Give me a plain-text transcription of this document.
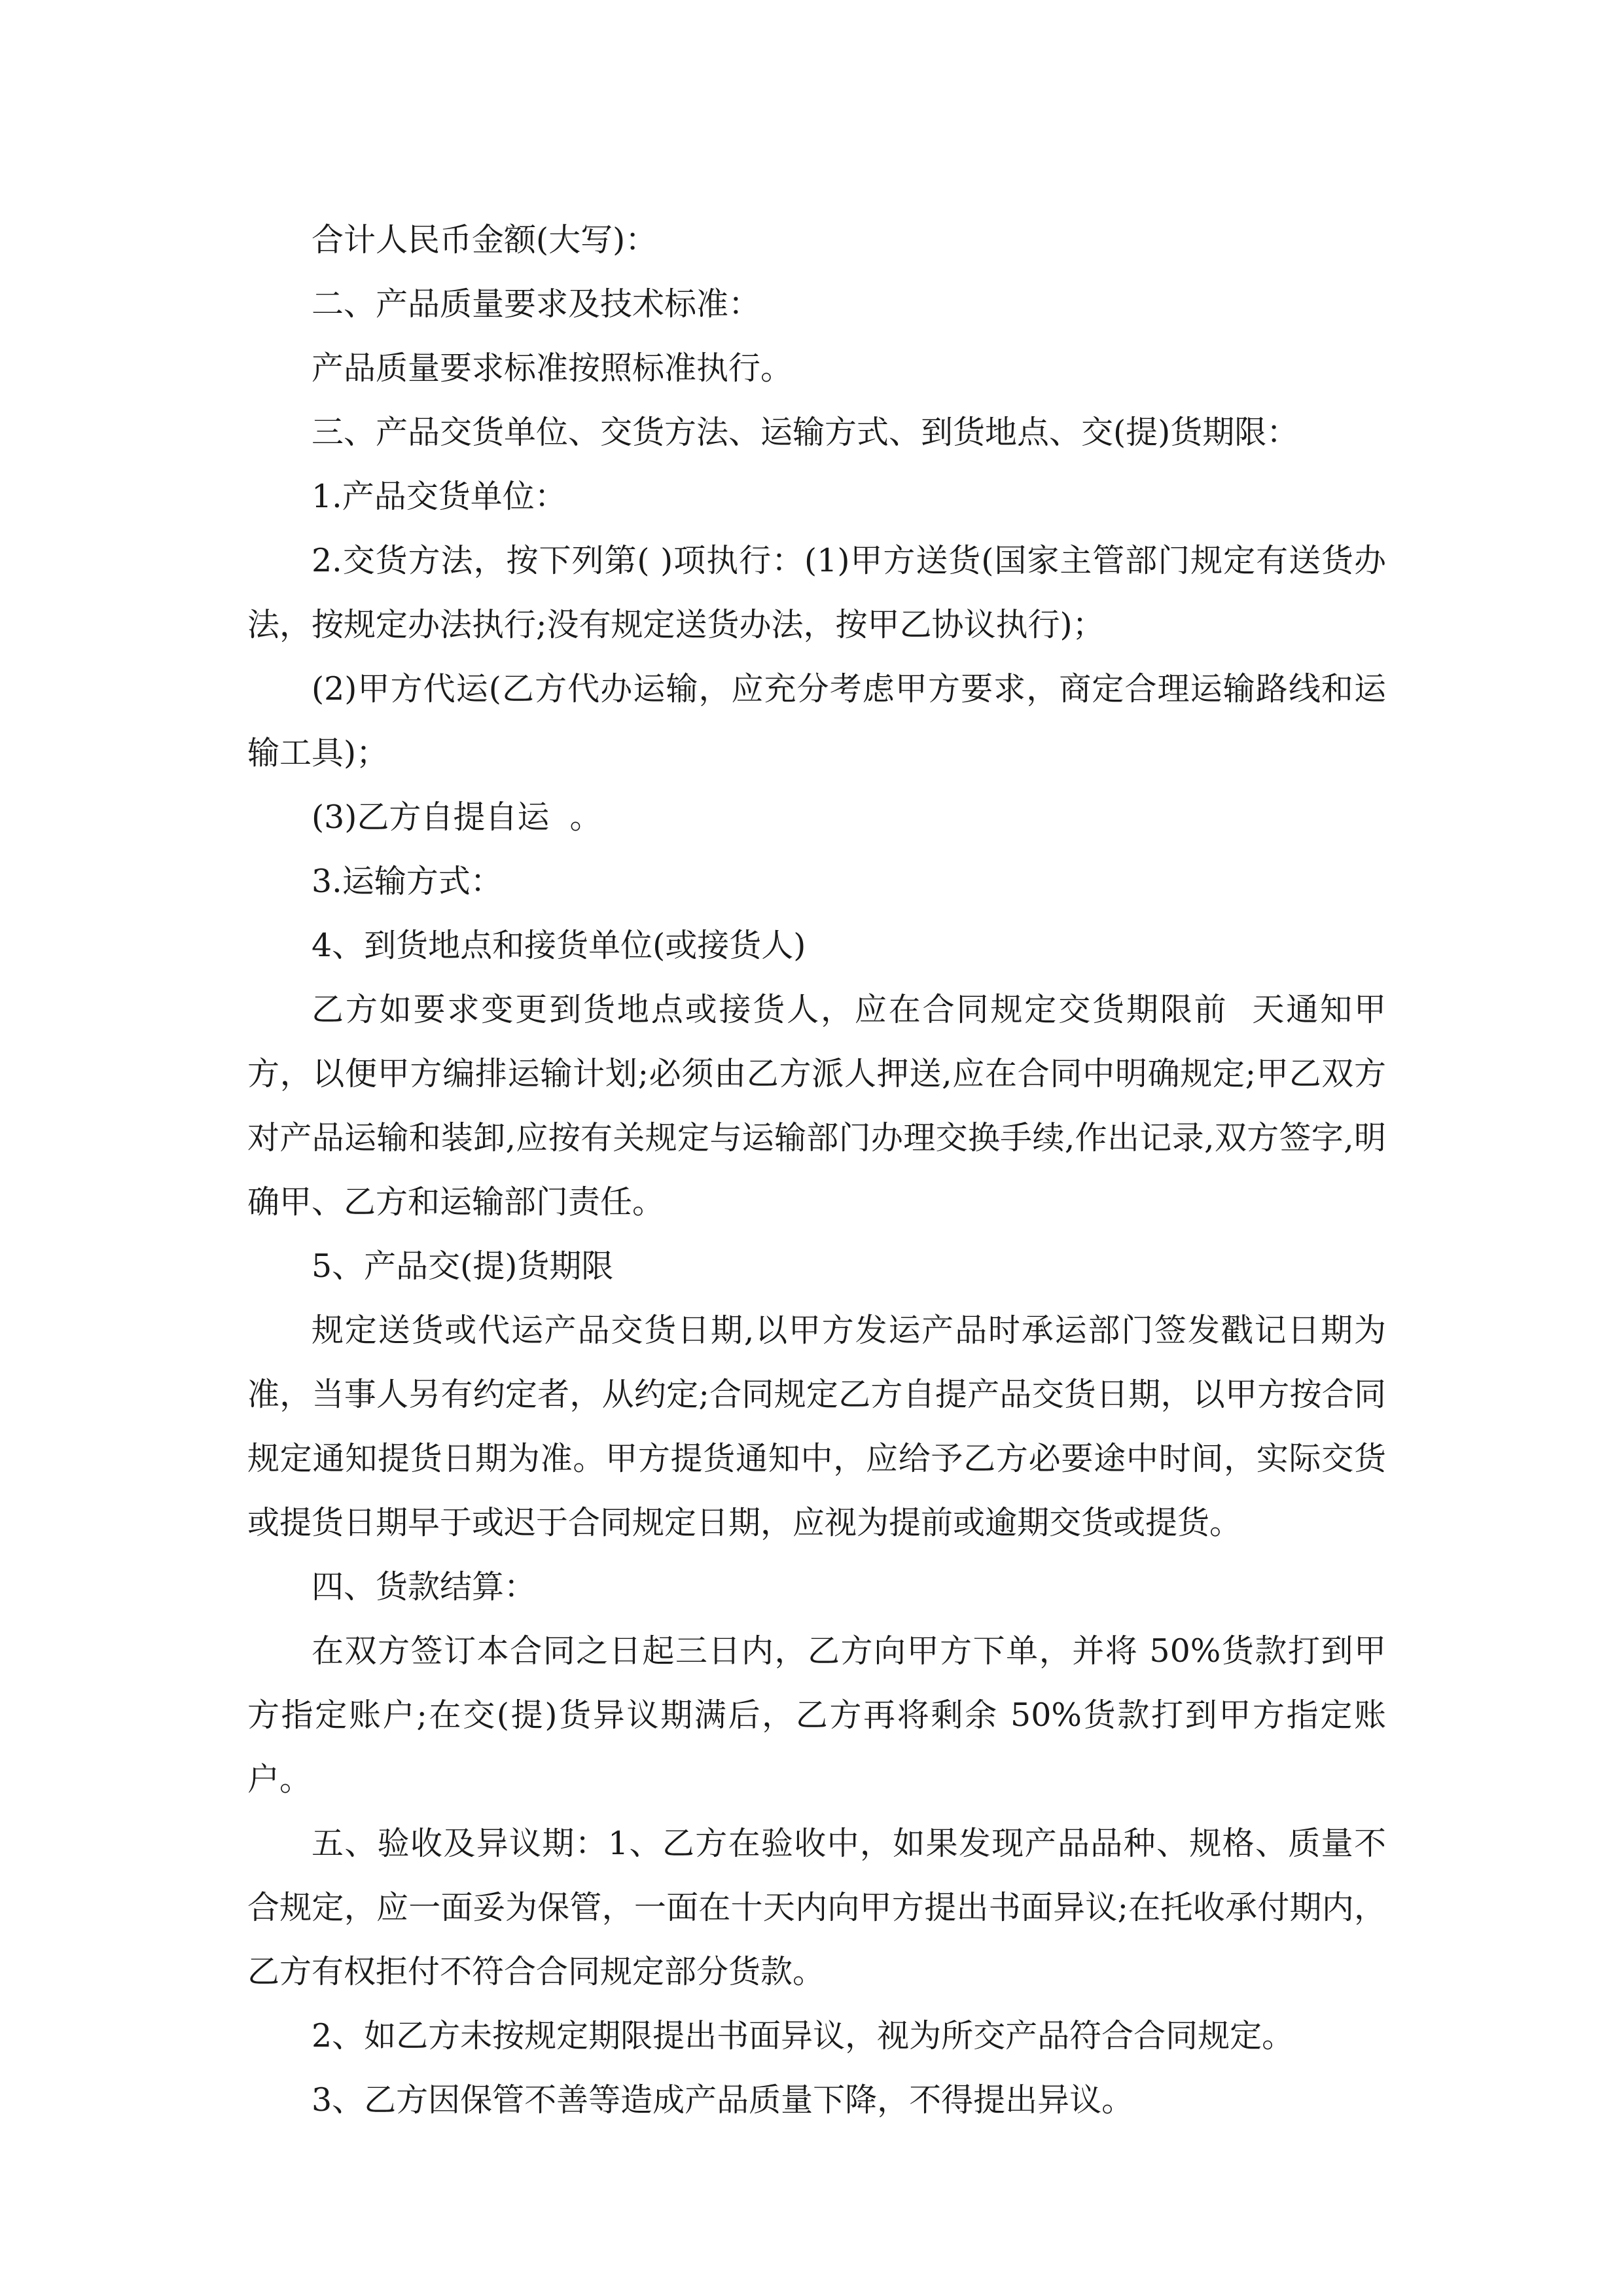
合计人民币金额(大写)：

二、产品质量要求及技术标准：

产品质量要求标准按照标准执行。

三、产品交货单位、交货方法、运输方式、到货地点、交(提)货期限：

1.产品交货单位：

2.交货方法，按下列第( )项执行：(1)甲方送货(国家主管部门规定有送货办法，按规定办法执行;没有规定送货办法，按甲乙协议执行)；

(2)甲方代运(乙方代办运输，应充分考虑甲方要求，商定合理运输路线和运输工具)；

(3)乙方自提自运  。

3.运输方式：

4、到货地点和接货单位(或接货人)

乙方如要求变更到货地点或接货人，应在合同规定交货期限前  天通知甲方，以便甲方编排运输计划;必须由乙方派人押送,应在合同中明确规定;甲乙双方对产品运输和装卸,应按有关规定与运输部门办理交换手续,作出记录,双方签字,明确甲、乙方和运输部门责任。

5、产品交(提)货期限

规定送货或代运产品交货日期,以甲方发运产品时承运部门签发戳记日期为准，当事人另有约定者，从约定;合同规定乙方自提产品交货日期，以甲方按合同规定通知提货日期为准。甲方提货通知中，应给予乙方必要途中时间，实际交货或提货日期早于或迟于合同规定日期，应视为提前或逾期交货或提货。

四、货款结算：

在双方签订本合同之日起三日内，乙方向甲方下单，并将 50%货款打到甲方指定账户;在交(提)货异议期满后，乙方再将剩余 50%货款打到甲方指定账户。

五、验收及异议期：1、乙方在验收中，如果发现产品品种、规格、质量不合规定，应一面妥为保管，一面在十天内向甲方提出书面异议;在托收承付期内，乙方有权拒付不符合合同规定部分货款。

2、如乙方未按规定期限提出书面异议，视为所交产品符合合同规定。

3、乙方因保管不善等造成产品质量下降，不得提出异议。
